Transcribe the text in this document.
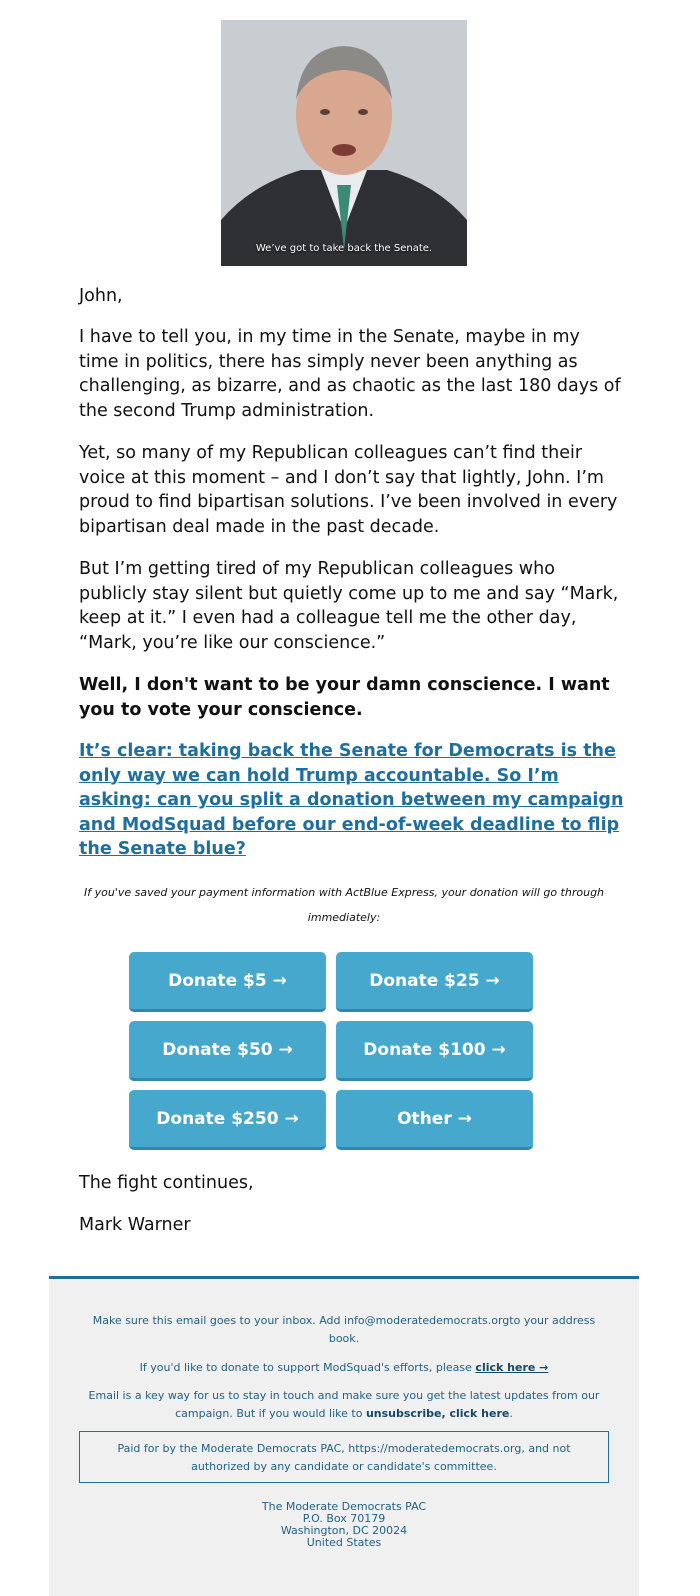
We’ve got to take back the Senate.

John,

I have to tell you, in my time in the Senate, maybe in my time in politics, there has simply never been anything as challenging, as bizarre, and as chaotic as the last 180 days of the second Trump administration.

Yet, so many of my Republican colleagues can’t find their voice at this moment – and I don’t say that lightly, John. I’m proud to find bipartisan solutions. I’ve been involved in every bipartisan deal made in the past decade.

But I’m getting tired of my Republican colleagues who publicly stay silent but quietly come up to me and say “Mark, keep at it.” I even had a colleague tell me the other day, “Mark, you’re like our conscience.”

Well, I don't want to be your damn conscience. I want you to vote your conscience.

It’s clear: taking back the Senate for Democrats is the only way we can hold Trump accountable. So I’m asking: can you split a donation between my campaign and ModSquad before our end-of-week deadline to flip the Senate blue?

If you've saved your payment information with ActBlue Express, your donation will go through immediately:
Donate $5 →	Donate $25 →
Donate $50 →	Donate $100 →
Donate $250 →	Other →

The fight continues,

Mark Warner

Make sure this email goes to your inbox. Add info@moderatedemocrats.orgto your address book.
If you'd like to donate to support ModSquad's efforts, please click here →
Email is a key way for us to stay in touch and make sure you get the latest updates from our campaign. But if you would like to unsubscribe, click here.
Paid for by the Moderate Democrats PAC, https://moderatedemocrats.org, and not authorized by any candidate or candidate's committee.
The Moderate Democrats PAC
P.O. Box 70179
Washington, DC 20024
United States
